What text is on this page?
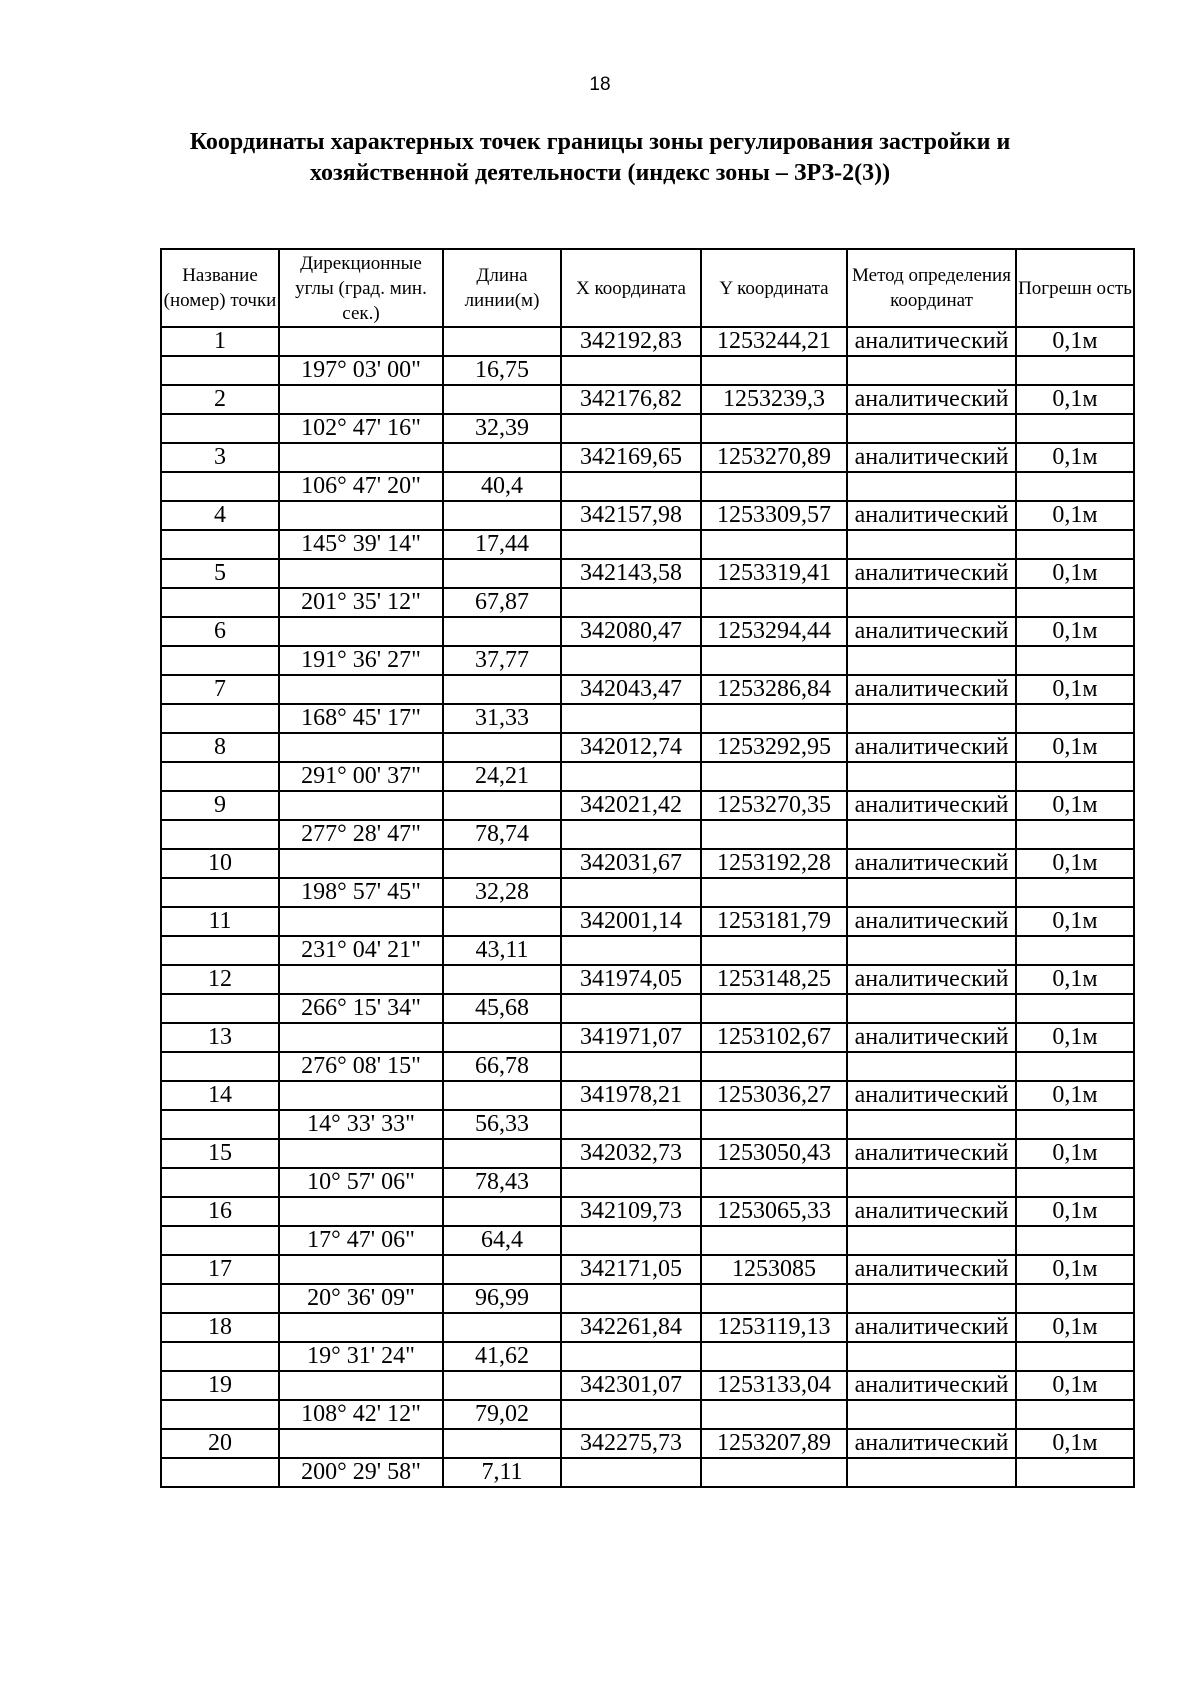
18
Координаты характерных точек границы зоны регулирования застройки и
хозяйственной деятельности (индекс зоны – ЗРЗ-2(3))
Название (номер) точки	Дирекционные углы (град. мин. сек.)	Длина линии(м)	X координата	Y координата	Метод определения координат	Погрешн ость
1			342192,83	1253244,21	аналитический	0,1м
	197° 03' 00"	16,75				
2			342176,82	1253239,3	аналитический	0,1м
	102° 47' 16"	32,39				
3			342169,65	1253270,89	аналитический	0,1м
	106° 47' 20"	40,4				
4			342157,98	1253309,57	аналитический	0,1м
	145° 39' 14"	17,44				
5			342143,58	1253319,41	аналитический	0,1м
	201° 35' 12"	67,87				
6			342080,47	1253294,44	аналитический	0,1м
	191° 36' 27"	37,77				
7			342043,47	1253286,84	аналитический	0,1м
	168° 45' 17"	31,33				
8			342012,74	1253292,95	аналитический	0,1м
	291° 00' 37"	24,21				
9			342021,42	1253270,35	аналитический	0,1м
	277° 28' 47"	78,74				
10			342031,67	1253192,28	аналитический	0,1м
	198° 57' 45"	32,28				
11			342001,14	1253181,79	аналитический	0,1м
	231° 04' 21"	43,11				
12			341974,05	1253148,25	аналитический	0,1м
	266° 15' 34"	45,68				
13			341971,07	1253102,67	аналитический	0,1м
	276° 08' 15"	66,78				
14			341978,21	1253036,27	аналитический	0,1м
	14° 33' 33"	56,33				
15			342032,73	1253050,43	аналитический	0,1м
	10° 57' 06"	78,43				
16			342109,73	1253065,33	аналитический	0,1м
	17° 47' 06"	64,4				
17			342171,05	1253085	аналитический	0,1м
	20° 36' 09"	96,99				
18			342261,84	1253119,13	аналитический	0,1м
	19° 31' 24"	41,62				
19			342301,07	1253133,04	аналитический	0,1м
	108° 42' 12"	79,02				
20			342275,73	1253207,89	аналитический	0,1м
	200° 29' 58"	7,11				
